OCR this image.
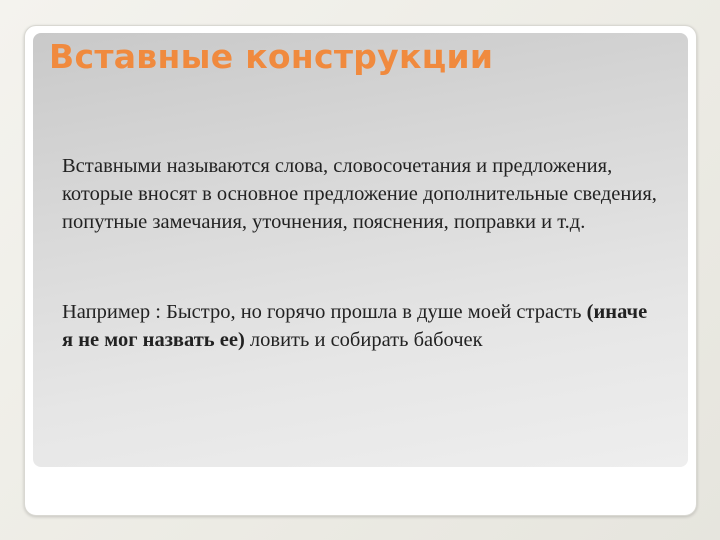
Вставные конструкции

Вставными называются слова, словосочетания и предложения, которые вносят в основное предложение дополнительные сведения, попутные замечания, уточнения, пояснения, поправки и т.д.

Например : Быстро, но горячо прошла в душе моей страсть (иначе я не мог назвать ее) ловить и собирать бабочек
